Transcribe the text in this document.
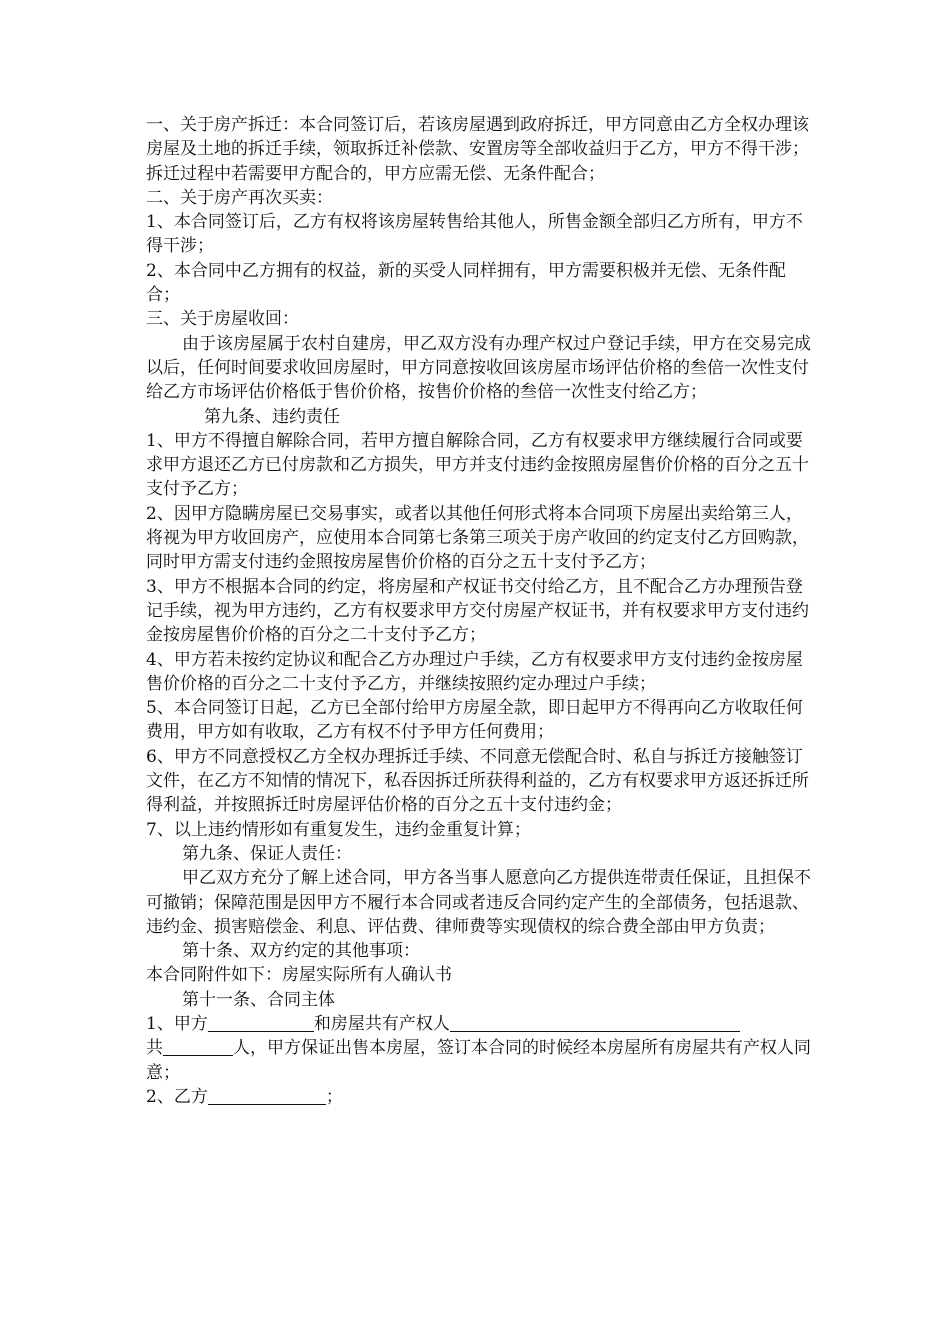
一、关于房产拆迁：本合同签订后，若该房屋遇到政府拆迁，甲方同意由乙方全权办理该房屋及土地的拆迁手续，领取拆迁补偿款、安置房等全部收益归于乙方，甲方不得干涉；拆迁过程中若需要甲方配合的，甲方应需无偿、无条件配合；

二、关于房产再次买卖：

1、本合同签订后，乙方有权将该房屋转售给其他人，所售金额全部归乙方所有，甲方不得干涉；

2、本合同中乙方拥有的权益，新的买受人同样拥有，甲方需要积极并无偿、无条件配合；

三、关于房屋收回：

由于该房屋属于农村自建房，甲乙双方没有办理产权过户登记手续，甲方在交易完成以后，任何时间要求收回房屋时，甲方同意按收回该房屋市场评估价格的叁倍一次性支付给乙方市场评估价格低于售价价格，按售价价格的叁倍一次性支付给乙方；

第九条、违约责任

1、甲方不得擅自解除合同，若甲方擅自解除合同，乙方有权要求甲方继续履行合同或要求甲方退还乙方已付房款和乙方损失，甲方并支付违约金按照房屋售价价格的百分之五十支付予乙方；

2、因甲方隐瞒房屋已交易事实，或者以其他任何形式将本合同项下房屋出卖给第三人，将视为甲方收回房产，应使用本合同第七条第三项关于房产收回的约定支付乙方回购款，同时甲方需支付违约金照按房屋售价价格的百分之五十支付予乙方；

3、甲方不根据本合同的约定，将房屋和产权证书交付给乙方，且不配合乙方办理预告登记手续，视为甲方违约，乙方有权要求甲方交付房屋产权证书，并有权要求甲方支付违约金按房屋售价价格的百分之二十支付予乙方；

4、甲方若未按约定协议和配合乙方办理过户手续，乙方有权要求甲方支付违约金按房屋售价价格的百分之二十支付予乙方，并继续按照约定办理过户手续；

5、本合同签订日起，乙方已全部付给甲方房屋全款，即日起甲方不得再向乙方收取任何费用，甲方如有收取，乙方有权不付予甲方任何费用；

6、甲方不同意授权乙方全权办理拆迁手续、不同意无偿配合时、私自与拆迁方接触签订文件，在乙方不知情的情况下，私吞因拆迁所获得利益的，乙方有权要求甲方返还拆迁所得利益，并按照拆迁时房屋评估价格的百分之五十支付违约金；

7、以上违约情形如有重复发生，违约金重复计算；

第九条、保证人责任：

甲乙双方充分了解上述合同，甲方各当事人愿意向乙方提供连带责任保证，且担保不可撤销；保障范围是因甲方不履行本合同或者违反合同约定产生的全部债务，包括退款、违约金、损害赔偿金、利息、评估费、律师费等实现债权的综合费全部由甲方负责；

第十条、双方约定的其他事项：

本合同附件如下：房屋实际所有人确认书

第十一条、合同主体

1、甲方	和房屋共有产权人

共	人，甲方保证出售本房屋，签订本合同的时候经本房屋所有房屋共有产权人同意；

2、乙方	；
